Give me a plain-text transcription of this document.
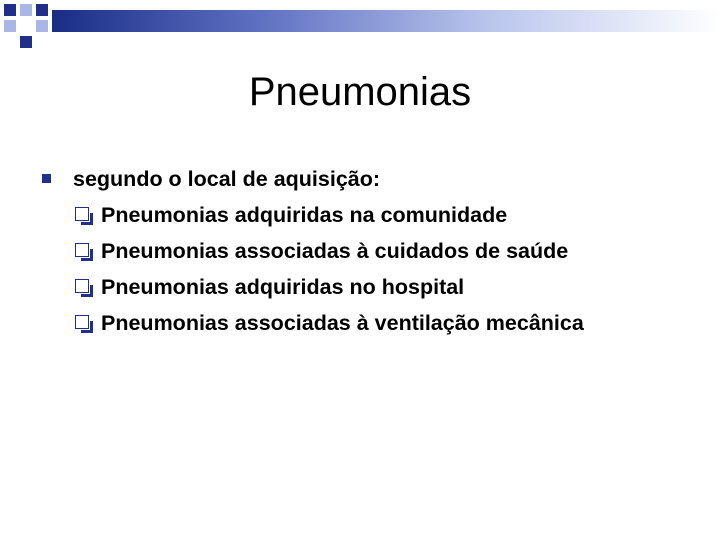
Pneumonias
segundo o local de aquisição:
Pneumonias adquiridas na comunidade
Pneumonias associadas à cuidados de saúde
Pneumonias adquiridas no hospital
Pneumonias associadas à ventilação mecânica
